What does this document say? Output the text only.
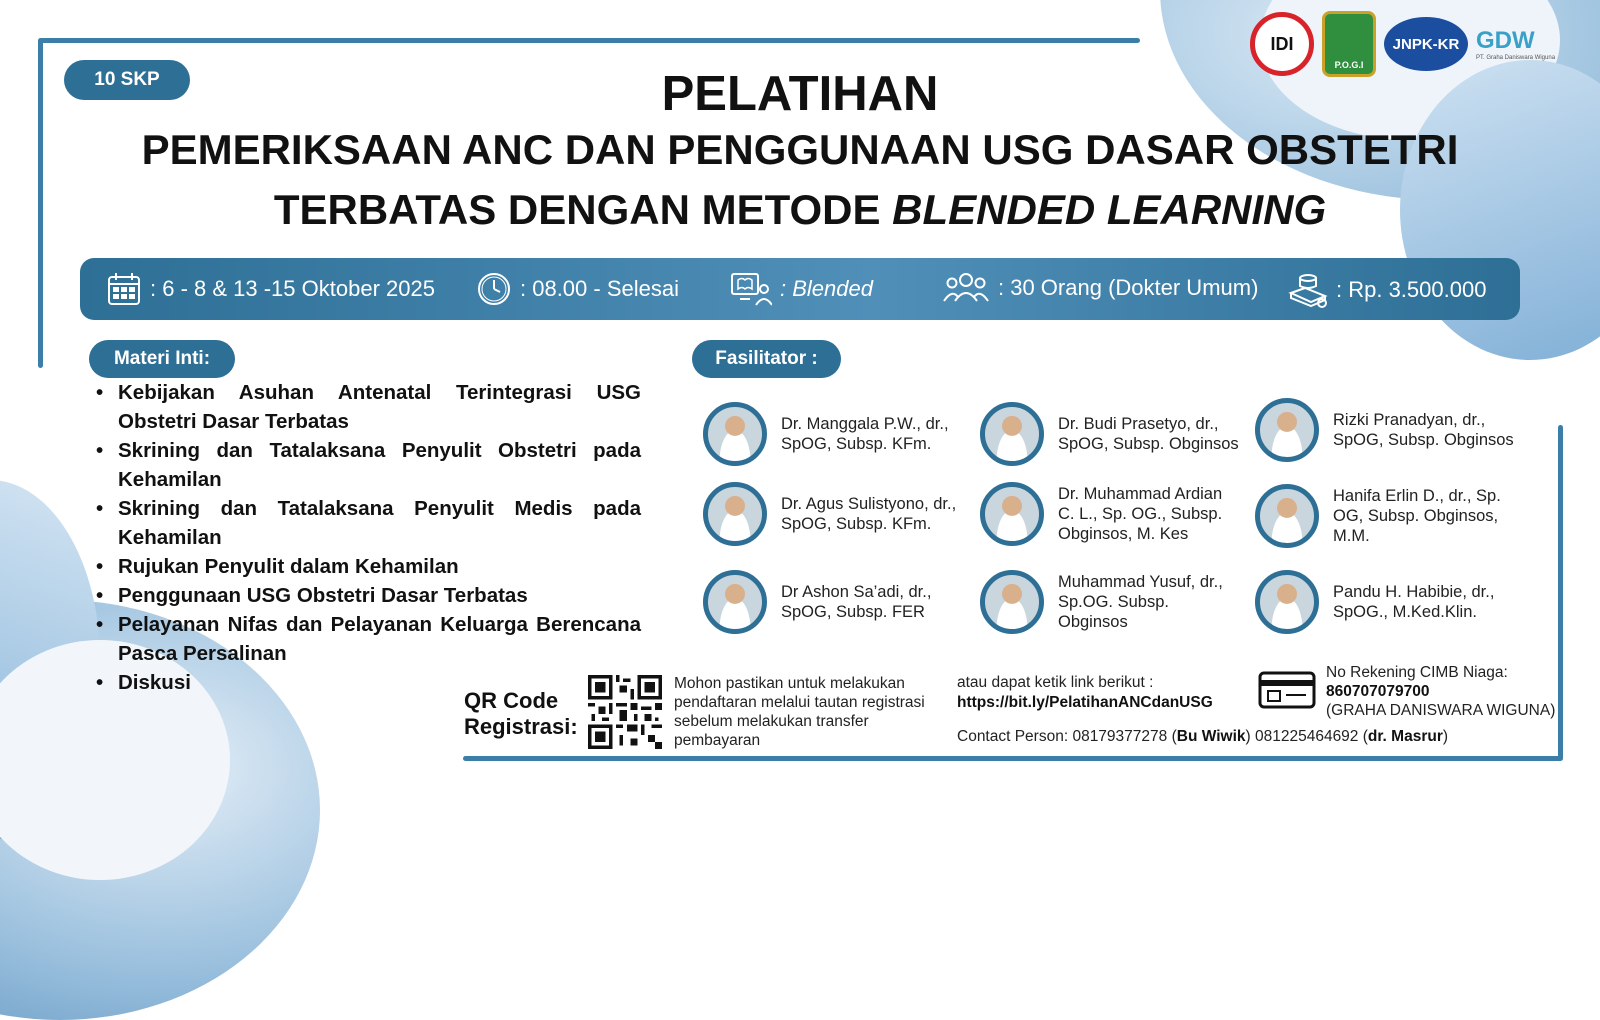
10 SKP
IDI
P.O.G.I
JNPK-KR GDW
PT. Graha Daniswara Wiguna
PELATIHAN
PEMERIKSAAN ANC DAN PENGGUNAAN USG DASAR OBSTETRI
TERBATAS DENGAN METODE BLENDED LEARNING
: 6 - 8 & 13 -15 Oktober 2025	: 08.00 - Selesai	: Blended	: 30 Orang (Dokter Umum)	: Rp. 3.500.000
Materi Inti:
• Kebijakan Asuhan Antenatal Terintegrasi USG Obstetri Dasar Terbatas
• Skrining dan Tatalaksana Penyulit Obstetri pada Kehamilan
• Skrining dan Tatalaksana Penyulit Medis pada Kehamilan
• Rujukan Penyulit dalam Kehamilan
• Penggunaan USG Obstetri Dasar Terbatas
• Pelayanan Nifas dan Pelayanan Keluarga Berencana Pasca Persalinan
• Diskusi
Fasilitator :
Dr. Manggala P.W., dr., SpOG, Subsp. KFm.
Dr. Budi Prasetyo, dr., SpOG, Subsp. Obginsos
Rizki Pranadyan, dr., SpOG, Subsp. Obginsos
Dr. Agus Sulistyono, dr., SpOG, Subsp. KFm.
Dr. Muhammad Ardian C. L., Sp. OG., Subsp. Obginsos, M. Kes
Hanifa Erlin D., dr., Sp. OG, Subsp. Obginsos, M.M.
Dr Ashon Sa’adi, dr., SpOG, Subsp. FER
Muhammad Yusuf, dr., Sp.OG. Subsp. Obginsos
Pandu H. Habibie, dr., SpOG., M.Ked.Klin.
QR Code
Registrasi:
Mohon pastikan untuk melakukan pendaftaran melalui tautan registrasi sebelum melakukan transfer pembayaran
atau dapat ketik link berikut :
https://bit.ly/PelatihanANCdanUSG
Contact Person: 08179377278 (Bu Wiwik) 081225464692 (dr. Masrur)
No Rekening CIMB Niaga:
860707079700
(GRAHA DANISWARA WIGUNA)
